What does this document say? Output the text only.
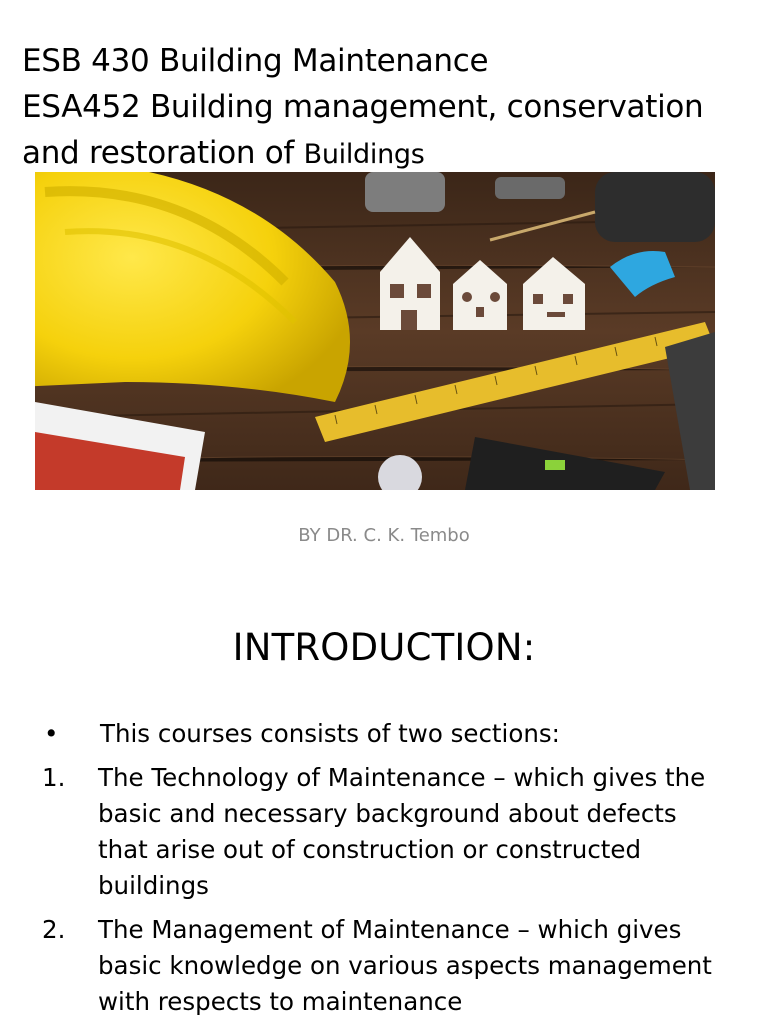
ESB 430 Building Maintenance
ESA452 Building management, conservation
and restoration of Buildings
BY DR. C. K. Tembo
INTRODUCTION:
•	This courses consists of two sections:
1.	The Technology of Maintenance – which gives the basic and necessary background about defects that arise out of construction or constructed buildings
2.	The Management of Maintenance – which gives basic knowledge on various aspects management with respects to maintenance
